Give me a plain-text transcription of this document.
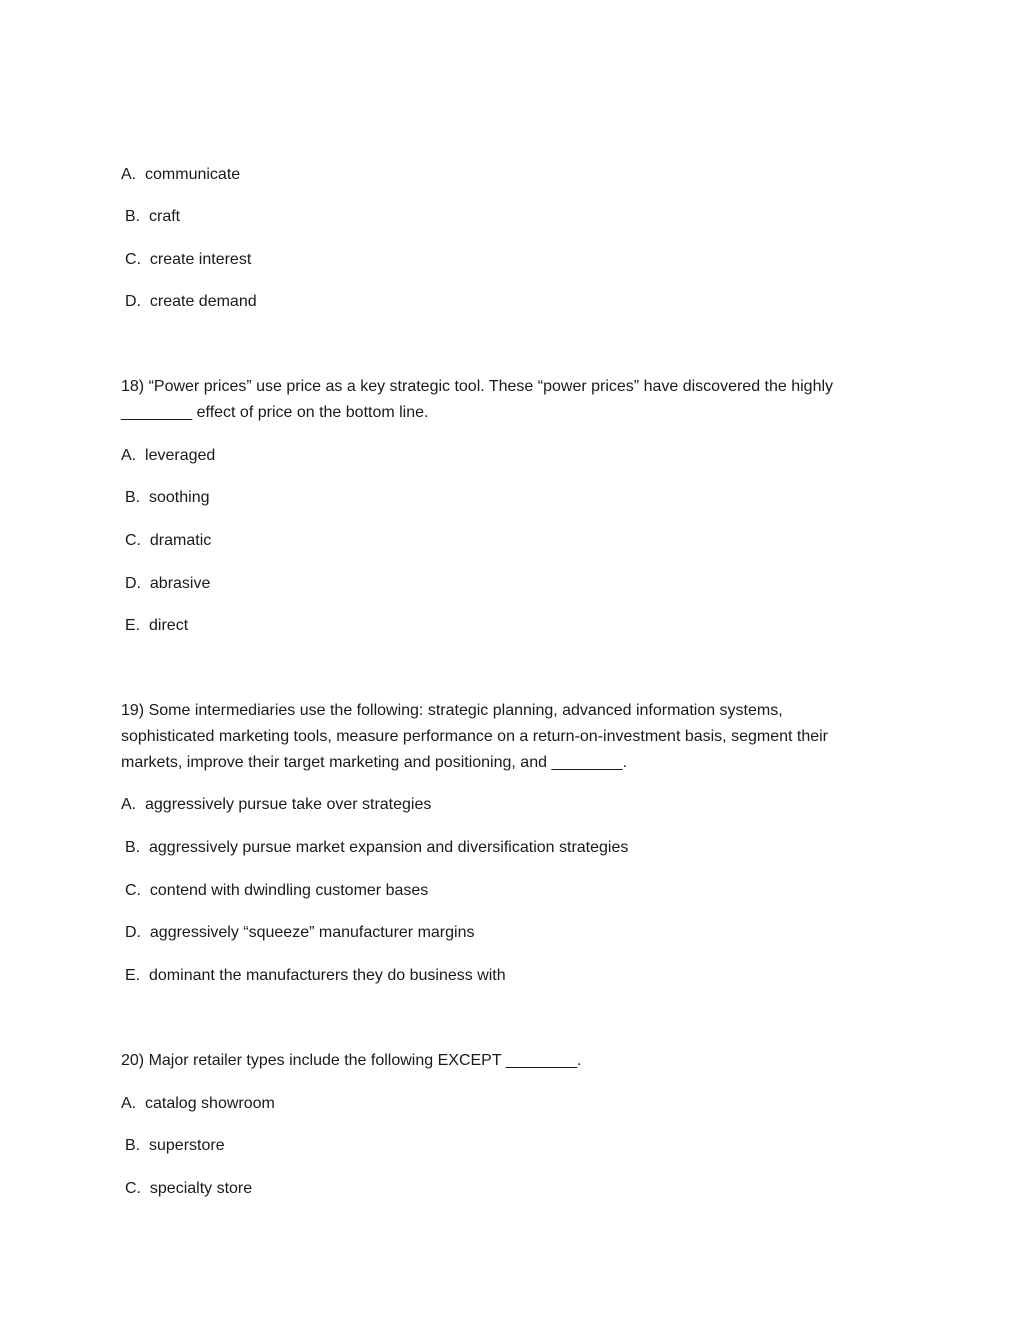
A.  communicate
B.  craft
C.  create interest
D.  create demand
18) “Power prices” use price as a key strategic tool. These “power prices” have discovered the highly
________ effect of price on the bottom line.
A.  leveraged
B.  soothing
C.  dramatic
D.  abrasive
E.  direct
19) Some intermediaries use the following: strategic planning, advanced information systems,
sophisticated marketing tools, measure performance on a return-on-investment basis, segment their
markets, improve their target marketing and positioning, and ________.
A.  aggressively pursue take over strategies
B.  aggressively pursue market expansion and diversification strategies
C.  contend with dwindling customer bases
D.  aggressively “squeeze” manufacturer margins
E.  dominant the manufacturers they do business with
20) Major retailer types include the following EXCEPT ________.
A.  catalog showroom
B.  superstore
C.  specialty store
